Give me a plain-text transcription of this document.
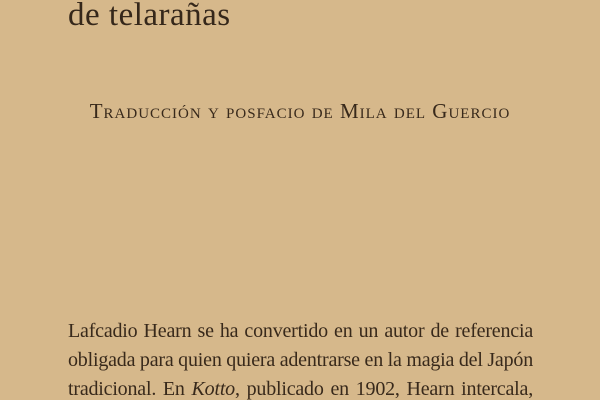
de telarañas
Traducción y posfacio de Mila del Guercio
Lafcadio Hearn se ha convertido en un autor de referencia
obligada para quien quiera adentrarse en la magia del Japón
tradicional. En Kotto, publicado en 1902, Hearn intercala,
